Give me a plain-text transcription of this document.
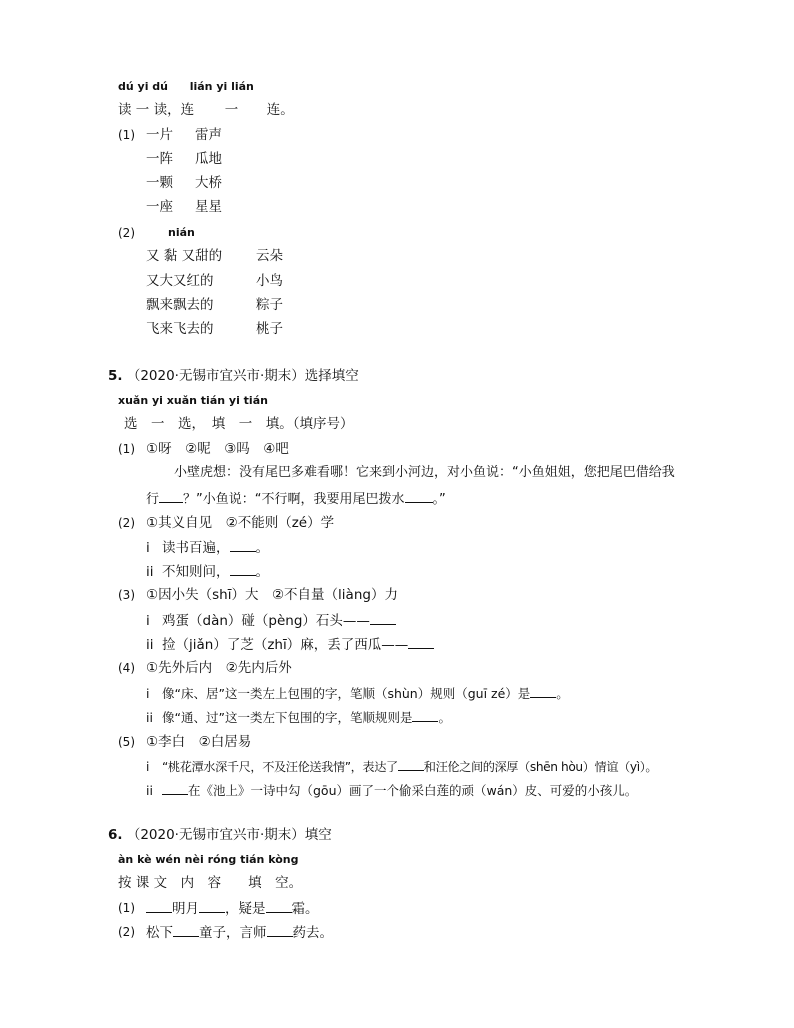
dú yi dú lián yi lián
读 一 读，连 一 连。
(1) 一片 雷声
一阵 瓜地
一颗 大桥
一座 星星
(2)	nián
又 黏 又甜的	云朵
又大又红的	小鸟
飘来飘去的	粽子
飞来飞去的	桃子
5. （2020·无锡市宜兴市·期末）选择填空
xuǎn yi xuǎn tián yi tián
选　一　选，　填　一　填。（填序号）
(1) ①呀　②呢　③吗　④吧
小壁虎想：没有尾巴多难看哪！它来到小河边，对小鱼说：“小鱼姐姐，您把尾巴借给我
行 ？”小鱼说：“不行啊，我要用尾巴拨水 。”
(2) ①其义自见　②不能则（zé）学
i 读书百遍， 。
ii 不知则问， 。
(3) ①因小失（shī）大　②不自量（liàng）力
i 鸡蛋（dàn）碰（pèng）石头——
ii 捡（jiǎn）了芝（zhī）麻，丢了西瓜——
(4) ①先外后内　②先内后外
i 像“床、居”这一类左上包围的字，笔顺（shùn）规则（guī zé）是 。
ii 像“通、过”这一类左下包围的字，笔顺规则是 。
(5) ①李白　②白居易
i “桃花潭水深千尺，不及汪伦送我情”，表达了 和汪伦之间的深厚（shēn hòu）情谊（yì）。
ii	在《池上》一诗中勾（gōu）画了一个偷采白莲的顽（wán）皮、可爱的小孩儿。
6. （2020·无锡市宜兴市·期末）填空
àn kè wén nèi róng tián kòng
按 课 文　内　容　　填　空。
(1)	明月 ，疑是 霜。
(2) 松下 童子，言师 药去。
